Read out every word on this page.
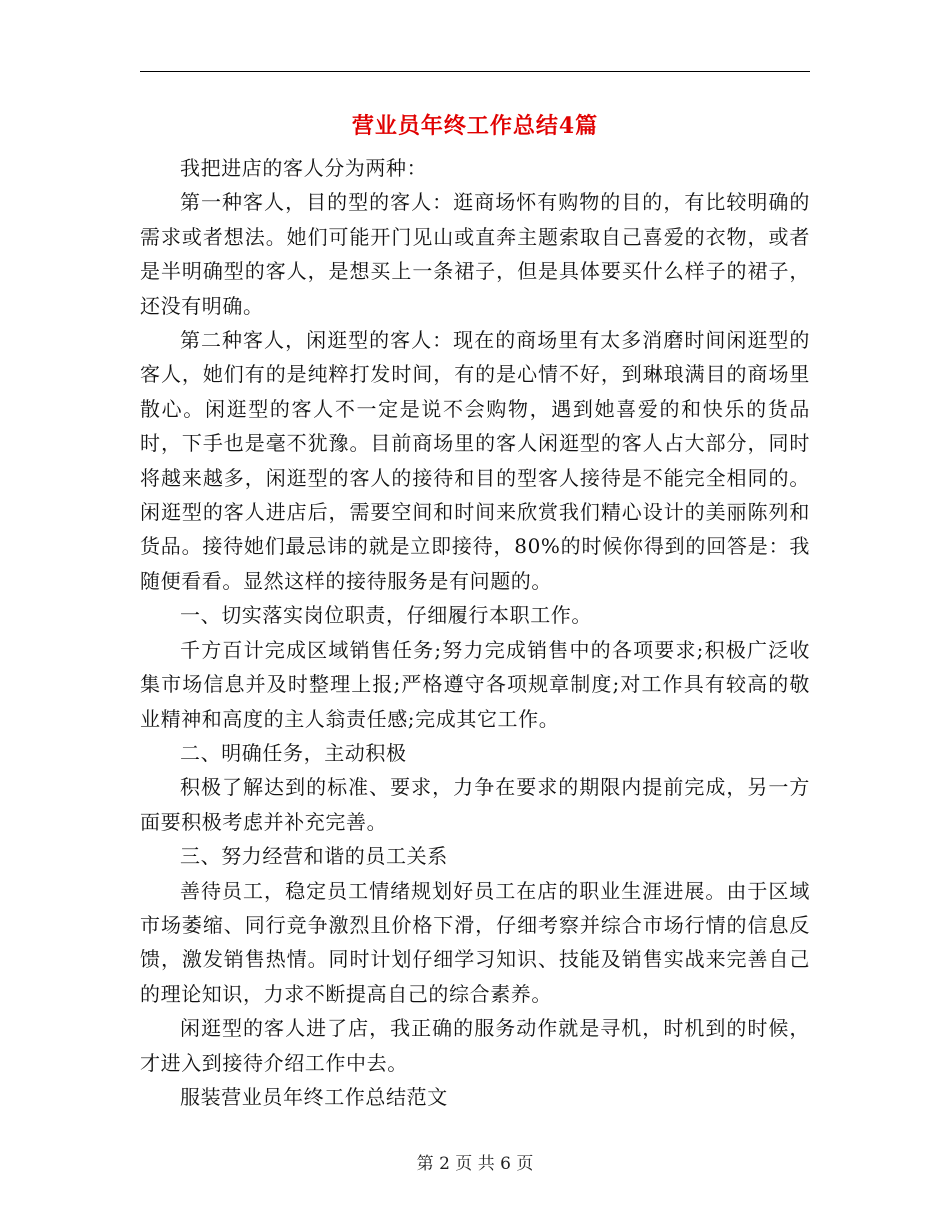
营业员年终工作总结4篇

我把进店的客人分为两种：

第一种客人，目的型的客人：逛商场怀有购物的目的，有比较明确的需求或者想法。她们可能开门见山或直奔主题索取自己喜爱的衣物，或者是半明确型的客人，是想买上一条裙子，但是具体要买什么样子的裙子，还没有明确。

第二种客人，闲逛型的客人：现在的商场里有太多消磨时间闲逛型的客人，她们有的是纯粹打发时间，有的是心情不好，到琳琅满目的商场里散心。闲逛型的客人不一定是说不会购物，遇到她喜爱的和快乐的货品时，下手也是毫不犹豫。目前商场里的客人闲逛型的客人占大部分，同时将越来越多，闲逛型的客人的接待和目的型客人接待是不能完全相同的。闲逛型的客人进店后，需要空间和时间来欣赏我们精心设计的美丽陈列和货品。接待她们最忌讳的就是立即接待，80%的时候你得到的回答是：我随便看看。显然这样的接待服务是有问题的。

一、切实落实岗位职责，仔细履行本职工作。

千方百计完成区域销售任务;努力完成销售中的各项要求;积极广泛收集市场信息并及时整理上报;严格遵守各项规章制度;对工作具有较高的敬业精神和高度的主人翁责任感;完成其它工作。

二、明确任务，主动积极

积极了解达到的标准、要求，力争在要求的期限内提前完成，另一方面要积极考虑并补充完善。

三、努力经营和谐的员工关系

善待员工，稳定员工情绪规划好员工在店的职业生涯进展。由于区域市场萎缩、同行竞争激烈且价格下滑，仔细考察并综合市场行情的信息反馈，激发销售热情。同时计划仔细学习知识、技能及销售实战来完善自己的理论知识，力求不断提高自己的综合素养。

闲逛型的客人进了店，我正确的服务动作就是寻机，时机到的时候，才进入到接待介绍工作中去。

服装营业员年终工作总结范文

第 2 页 共 6 页
